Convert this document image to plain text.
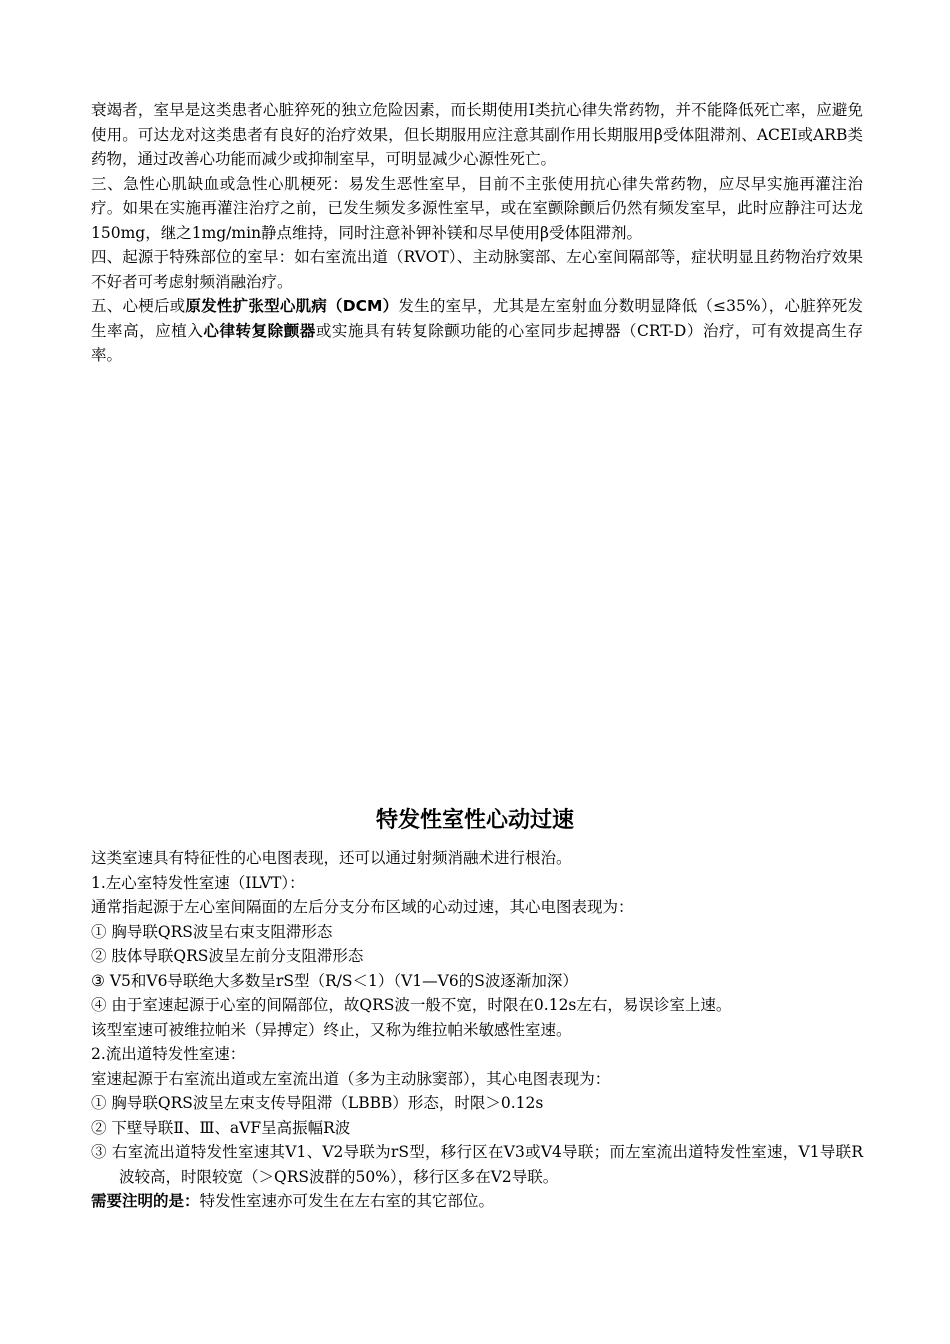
衰竭者，室早是这类患者心脏猝死的独立危险因素，而长期使用Ⅰ类抗心律失常药物，并不能降低死亡率，应避免使用。可达龙对这类患者有良好的治疗效果，但长期服用应注意其副作用长期服用β受体阻滞剂、ACEI或ARB类药物，通过改善心功能而减少或抑制室早，可明显减少心源性死亡。

三、急性心肌缺血或急性心肌梗死：易发生恶性室早，目前不主张使用抗心律失常药物，应尽早实施再灌注治疗。如果在实施再灌注治疗之前，已发生频发多源性室早，或在室颤除颤后仍然有频发室早，此时应静注可达龙150mg，继之1mg/min静点维持，同时注意补钾补镁和尽早使用β受体阻滞剂。

四、起源于特殊部位的室早：如右室流出道（RVOT）、主动脉窦部、左心室间隔部等，症状明显且药物治疗效果不好者可考虑射频消融治疗。

五、心梗后或原发性扩张型心肌病（DCM）发生的室早，尤其是左室射血分数明显降低（≤35%），心脏猝死发生率高，应植入心律转复除颤器或实施具有转复除颤功能的心室同步起搏器（CRT-D）治疗，可有效提高生存率。

特发性室性心动过速

这类室速具有特征性的心电图表现，还可以通过射频消融术进行根治。

1.左心室特发性室速（ILVT）：

通常指起源于左心室间隔面的左后分支分布区域的心动过速，其心电图表现为：

① 胸导联QRS波呈右束支阻滞形态

② 肢体导联QRS波呈左前分支阻滞形态

③ V5和V6导联绝大多数呈rS型（R/S＜1）（V1—V6的S波逐渐加深）

④ 由于室速起源于心室的间隔部位，故QRS波一般不宽，时限在0.12s左右，易误诊室上速。

该型室速可被维拉帕米（异搏定）终止，又称为维拉帕米敏感性室速。

2.流出道特发性室速：

室速起源于右室流出道或左室流出道（多为主动脉窦部），其心电图表现为：

① 胸导联QRS波呈左束支传导阻滞（LBBB）形态，时限＞0.12s

② 下壁导联Ⅱ、Ⅲ、aVF呈高振幅R波

③ 右室流出道特发性室速其V1、V2导联为rS型，移行区在V3或V4导联；而左室流出道特发性室速，V1导联R波较高，时限较宽（＞QRS波群的50%），移行区多在V2导联。

需要注明的是：特发性室速亦可发生在左右室的其它部位。
